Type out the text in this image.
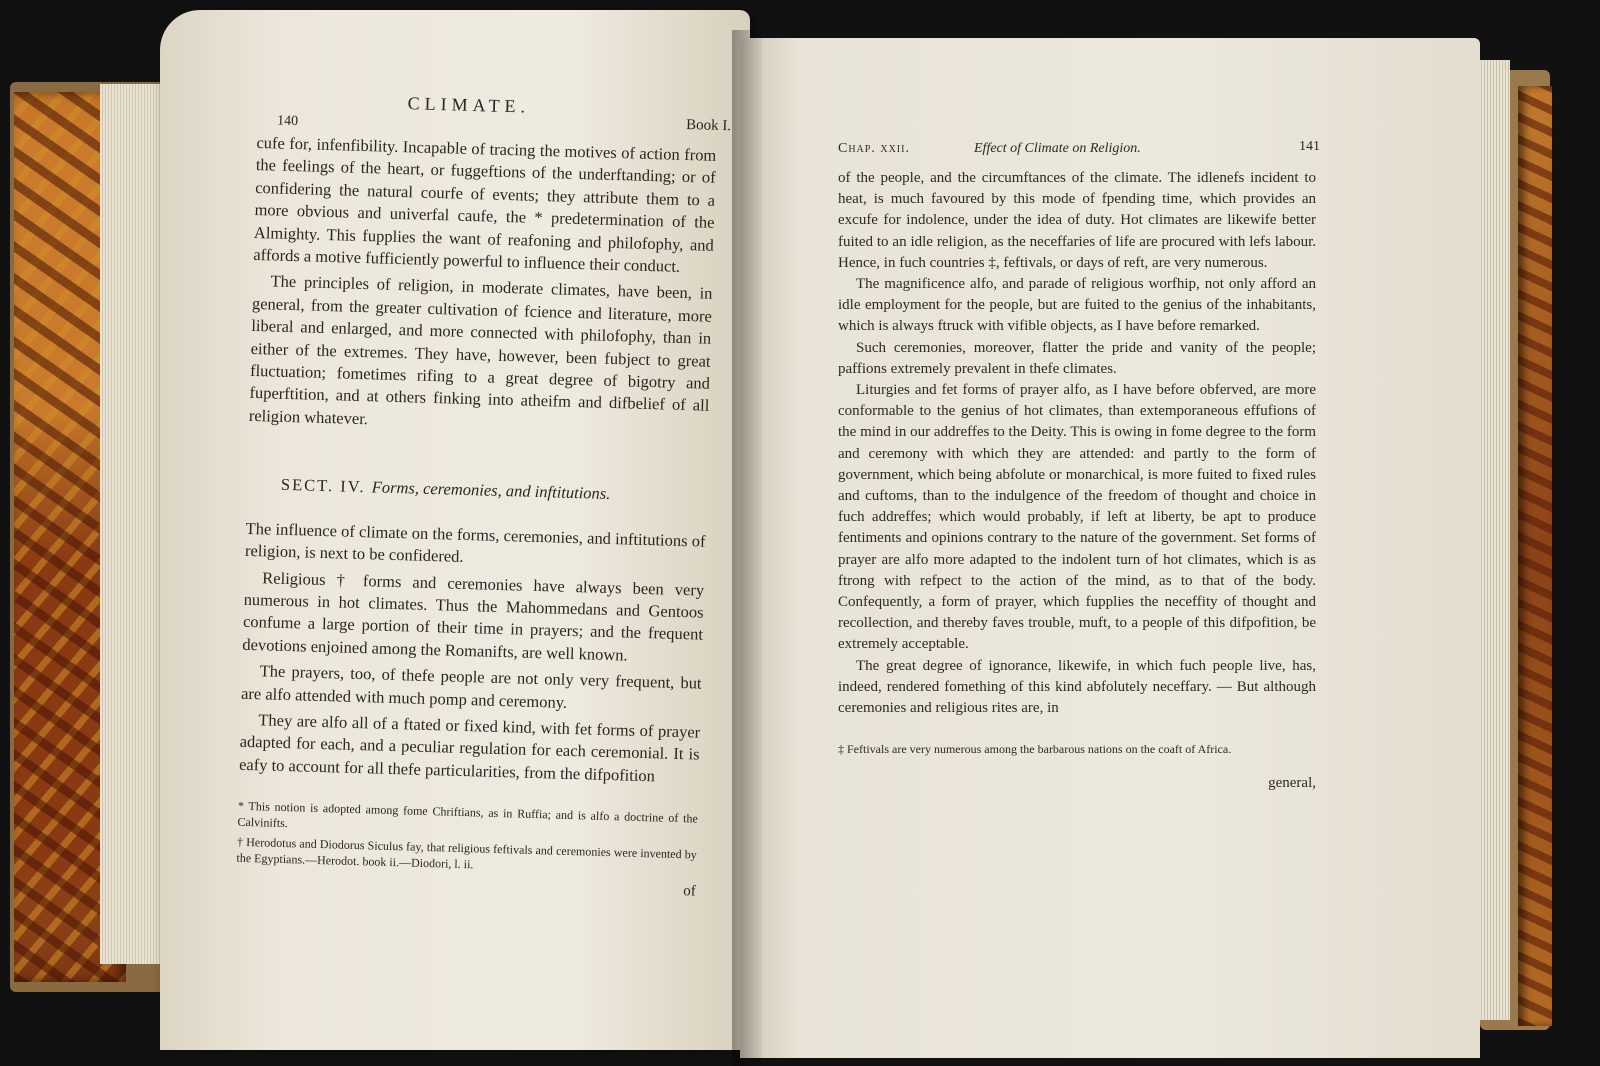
140
CLIMATE.
Book I.

cufe for, infenfibility. Incapable of tracing the motives of action from the feelings of the heart, or fuggeftions of the underftanding; or of confidering the natural courfe of events; they attribute them to a more obvious and univerfal caufe, the * predetermination of the Almighty. This fupplies the want of reafoning and philofophy, and affords a motive fufficiently powerful to influence their conduct.

The principles of religion, in moderate climates, have been, in general, from the greater cultivation of fcience and literature, more liberal and enlarged, and more connected with philofophy, than in either of the extremes. They have, however, been fubject to great fluctuation; fometimes rifing to a great degree of bigotry and fuperftition, and at others finking into atheifm and difbelief of all religion whatever.

SECT. IV. Forms, ceremonies, and inftitutions.

The influence of climate on the forms, ceremonies, and inftitutions of religion, is next to be confidered.

Religious † forms and ceremonies have always been very numerous in hot climates. Thus the Mahommedans and Gentoos confume a large portion of their time in prayers; and the frequent devotions enjoined among the Romanifts, are well known.

The prayers, too, of thefe people are not only very frequent, but are alfo attended with much pomp and ceremony.

They are alfo all of a ftated or fixed kind, with fet forms of prayer adapted for each, and a peculiar regulation for each ceremonial. It is eafy to account for all thefe particularities, from the difpofition

* This notion is adopted among fome Chriftians, as in Ruffia; and is alfo a doctrine of the Calvinifts.
† Herodotus and Diodorus Siculus fay, that religious feftivals and ceremonies were invented by the Egyptians.—Herodot. book ii.—Diodori, l. ii.
of
Chap. xxii.	Effect of Climate on Religion.	141

of the people, and the circumftances of the climate. The idlenefs incident to heat, is much favoured by this mode of fpending time, which provides an excufe for indolence, under the idea of duty. Hot climates are likewife better fuited to an idle religion, as the neceffaries of life are procured with lefs labour. Hence, in fuch countries ‡, feftivals, or days of reft, are very numerous.

The magnificence alfo, and parade of religious worfhip, not only afford an idle employment for the people, but are fuited to the genius of the inhabitants, which is always ftruck with vifible objects, as I have before remarked.

Such ceremonies, moreover, flatter the pride and vanity of the people; paffions extremely prevalent in thefe climates.

Liturgies and fet forms of prayer alfo, as I have before obferved, are more conformable to the genius of hot climates, than extemporaneous effufions of the mind in our addreffes to the Deity. This is owing in fome degree to the form and ceremony with which they are attended: and partly to the form of government, which being abfolute or monarchical, is more fuited to fixed rules and cuftoms, than to the indulgence of the freedom of thought and choice in fuch addreffes; which would probably, if left at liberty, be apt to produce fentiments and opinions contrary to the nature of the government. Set forms of prayer are alfo more adapted to the indolent turn of hot climates, which is as ftrong with refpect to the action of the mind, as to that of the body. Confequently, a form of prayer, which fupplies the neceffity of thought and recollection, and thereby faves trouble, muft, to a people of this difpofition, be extremely acceptable.

The great degree of ignorance, likewife, in which fuch people live, has, indeed, rendered fomething of this kind abfolutely neceffary. — But although ceremonies and religious rites are, in

‡ Feftivals are very numerous among the barbarous nations on the coaft of Africa.
general,
